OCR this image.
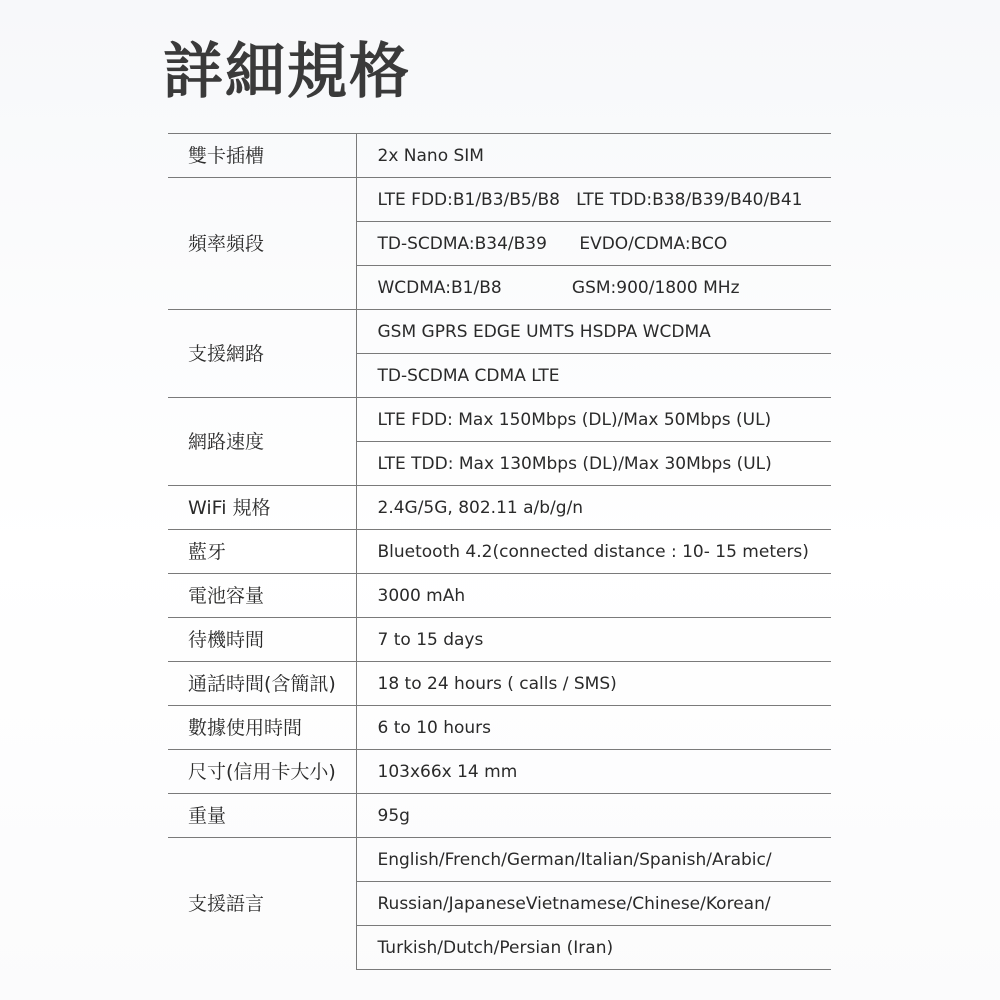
詳細規格
雙卡插槽	2x Nano SIM
頻率頻段	LTE FDD:B1/B3/B5/B8   LTE TDD:B38/B39/B40/B41
	TD-SCDMA:B34/B39      EVDO/CDMA:BCO
	WCDMA:B1/B8             GSM:900/1800 MHz
支援網路	GSM GPRS EDGE UMTS HSDPA WCDMA
	TD-SCDMA CDMA LTE
網路速度	LTE FDD: Max 150Mbps (DL)/Max 50Mbps (UL)
	LTE TDD: Max 130Mbps (DL)/Max 30Mbps (UL)
WiFi 規格	2.4G/5G, 802.11 a/b/g/n
藍牙	Bluetooth 4.2(connected distance : 10- 15 meters)
電池容量	3000 mAh
待機時間	7 to 15 days
通話時間(含簡訊)	18 to 24 hours ( calls / SMS)
數據使用時間	6 to 10 hours
尺寸(信用卡大小)	103x66x 14 mm
重量	95g
支援語言	English/French/German/Italian/Spanish/Arabic/
	Russian/JapaneseVietnamese/Chinese/Korean/
	Turkish/Dutch/Persian (Iran)
